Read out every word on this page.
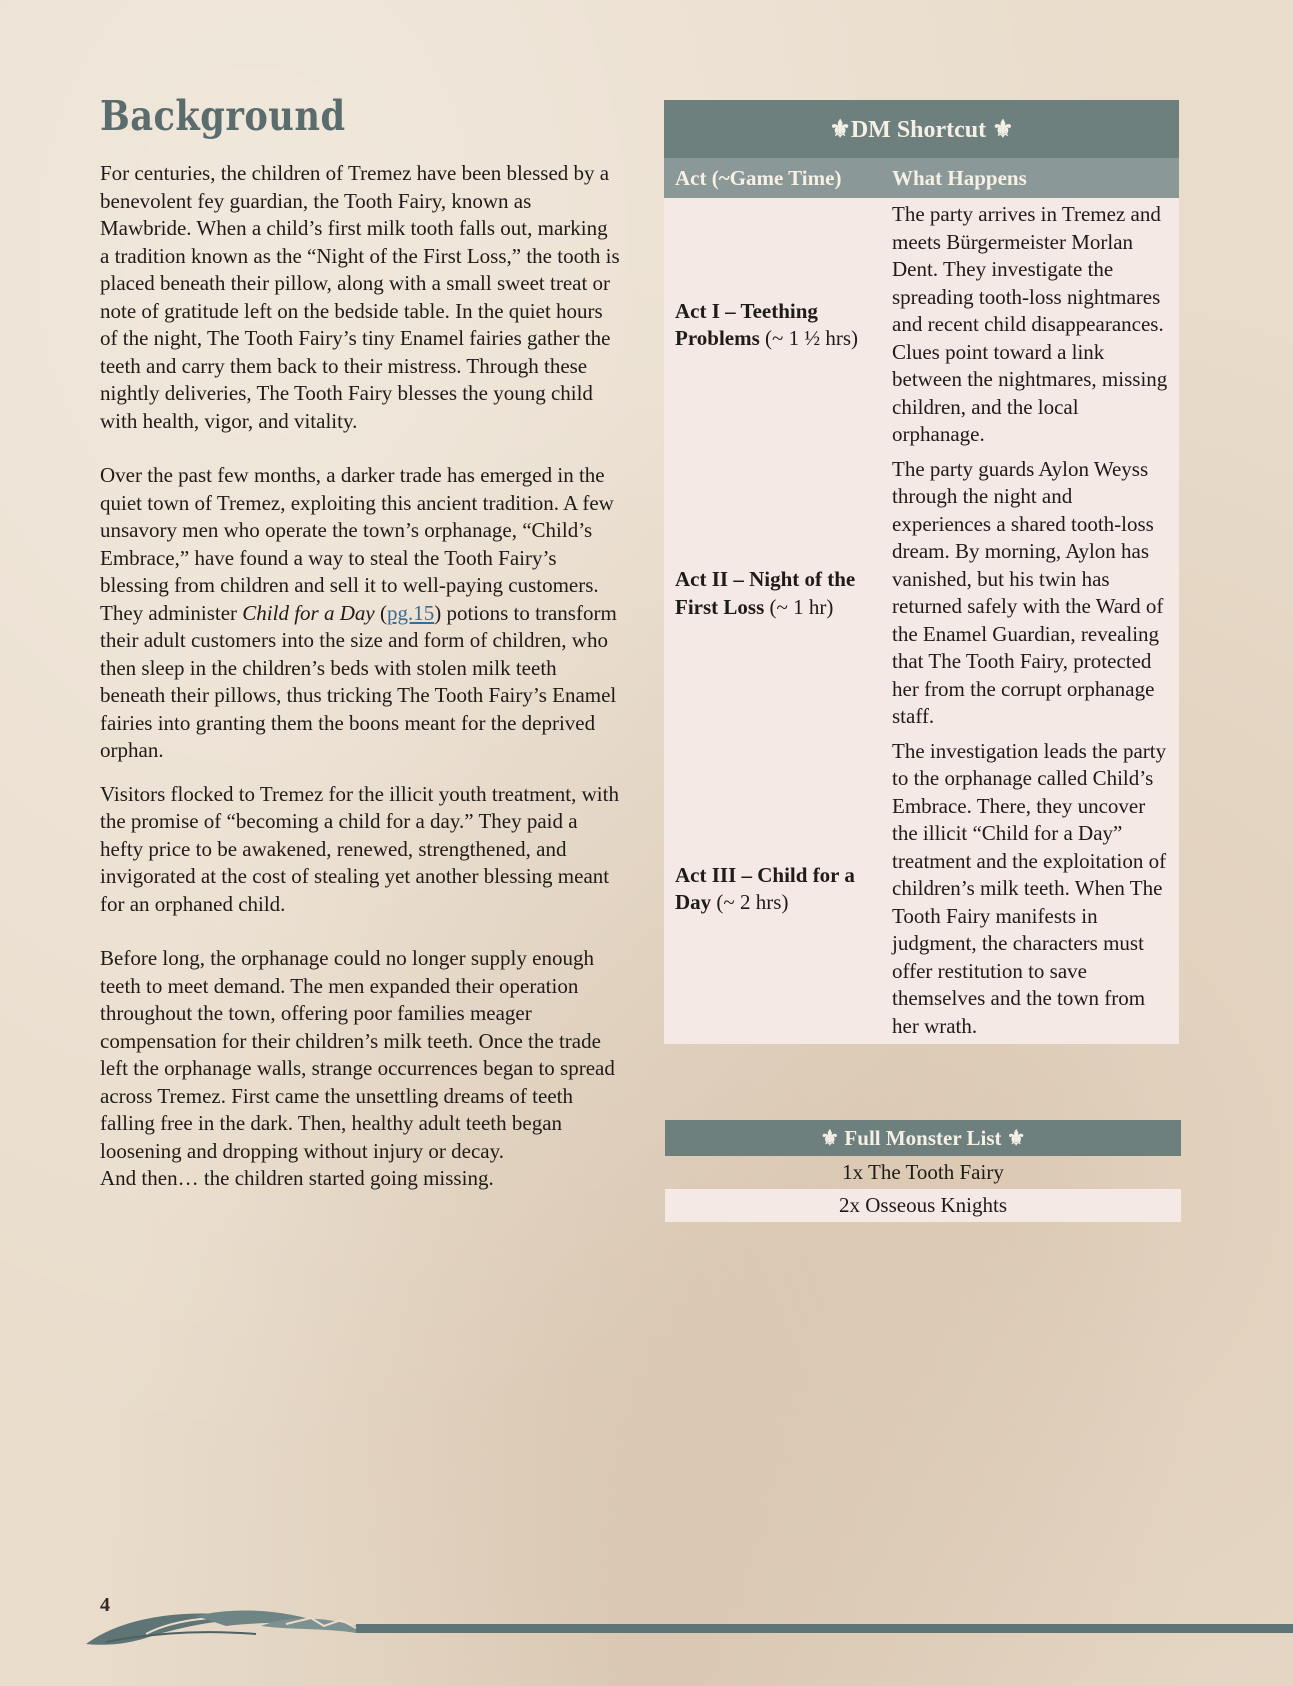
Background

For centuries, the children of Tremez have been blessed by a benevolent fey guardian, the Tooth Fairy, known as Mawbride. When a child’s first milk tooth falls out, marking a tradition known as the “Night of the First Loss,” the tooth is placed beneath their pillow, along with a small sweet treat or note of gratitude left on the bedside table. In the quiet hours of the night, The Tooth Fairy’s tiny Enamel fairies gather the teeth and carry them back to their mistress. Through these nightly deliveries, The Tooth Fairy blesses the young child with health, vigor, and vitality.

Over the past few months, a darker trade has emerged in the quiet town of Tremez, exploiting this ancient tradition. A few unsavory men who operate the town’s orphanage, “Child’s Embrace,” have found a way to steal the Tooth Fairy’s blessing from children and sell it to well-paying customers. They administer Child for a Day (pg.15) potions to transform their adult customers into the size and form of children, who then sleep in the children’s beds with stolen milk teeth beneath their pillows, thus tricking The Tooth Fairy’s Enamel fairies into granting them the boons meant for the deprived orphan.

Visitors flocked to Tremez for the illicit youth treatment, with the promise of “becoming a child for a day.” They paid a hefty price to be awakened, renewed, strengthened, and invigorated at the cost of stealing yet another blessing meant for an orphaned child.

Before long, the orphanage could no longer supply enough teeth to meet demand. The men expanded their operation throughout the town, offering poor families meager compensation for their children’s milk teeth. Once the trade left the orphanage walls, strange occurrences began to spread across Tremez. First came the unsettling dreams of teeth falling free in the dark. Then, healthy adult teeth began loosening and dropping without injury or decay.

And then… the children started going missing.

⚜DM Shortcut ⚜	
Act (~Game Time)	What Happens
Act I – Teething Problems (~ 1 ½ hrs)	The party arrives in Tremez and meets Bürgermeister Morlan Dent. They investigate the spreading tooth-loss nightmares and recent child disappearances. Clues point toward a link between the nightmares, missing children, and the local orphanage.
Act II – Night of the First Loss (~ 1 hr)	The party guards Aylon Weyss through the night and experiences a shared tooth-loss dream. By morning, Aylon has vanished, but his twin has returned safely with the Ward of the Enamel Guardian, revealing that The Tooth Fairy, protected her from the corrupt orphanage staff.
Act III – Child for a Day (~ 2 hrs)	The investigation leads the party to the orphanage called Child’s Embrace. There, they uncover the illicit “Child for a Day” treatment and the exploitation of children’s milk teeth. When The Tooth Fairy manifests in judgment, the characters must offer restitution to save themselves and the town from her wrath.
⚜ Full Monster List ⚜
1x The Tooth Fairy
2x Osseous Knights
4
